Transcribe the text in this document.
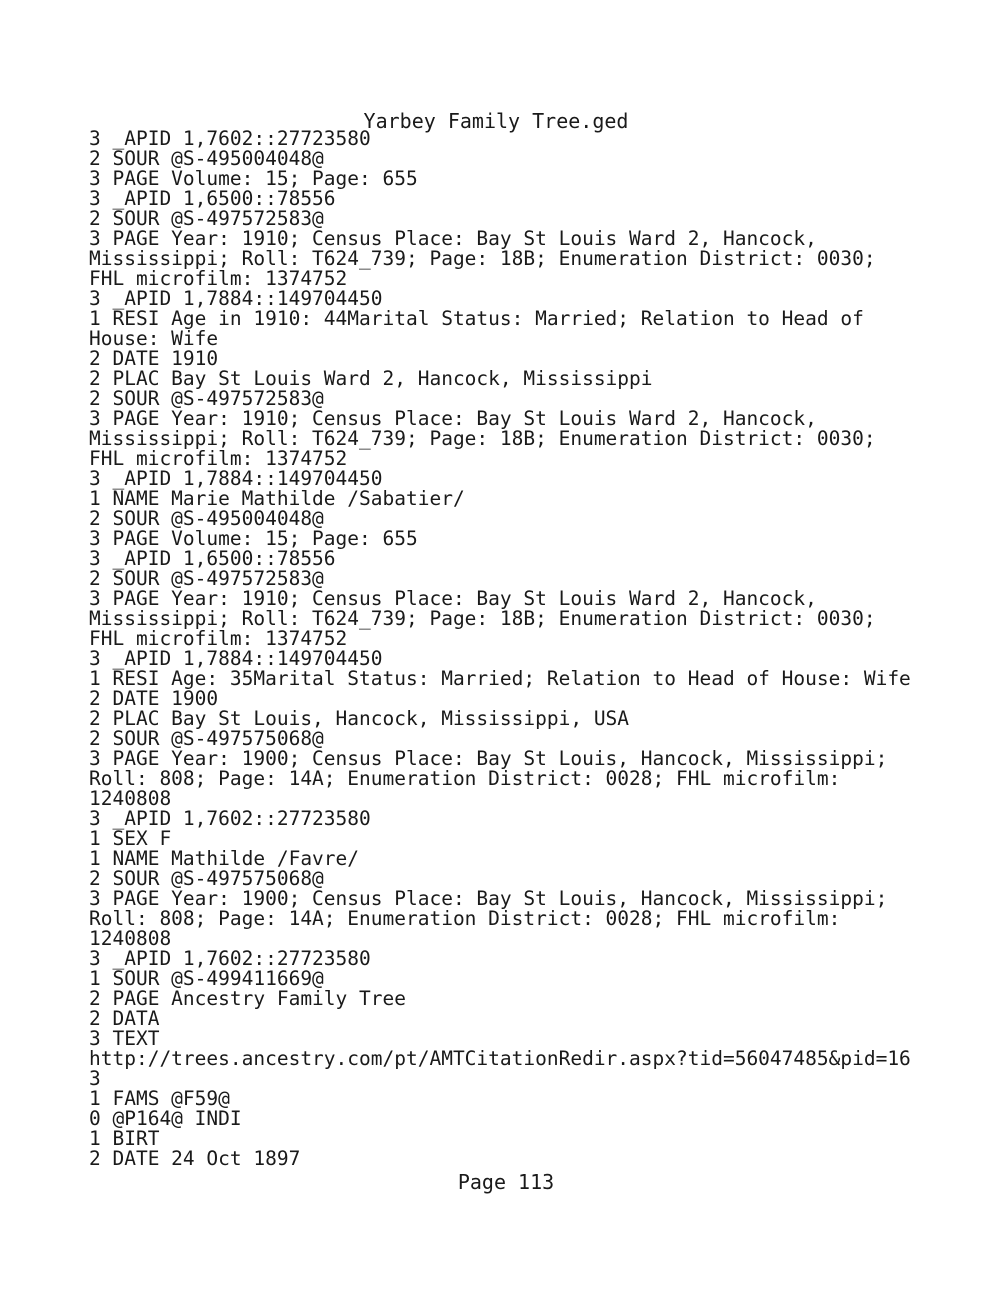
Yarbey Family Tree.ged
3 _APID 1,7602::27723580
2 SOUR @S-495004048@
3 PAGE Volume: 15; Page: 655
3 _APID 1,6500::78556
2 SOUR @S-497572583@
3 PAGE Year: 1910; Census Place: Bay St Louis Ward 2, Hancock,
Mississippi; Roll: T624_739; Page: 18B; Enumeration District: 0030;
FHL microfilm: 1374752
3 _APID 1,7884::149704450
1 RESI Age in 1910: 44Marital Status: Married; Relation to Head of
House: Wife
2 DATE 1910
2 PLAC Bay St Louis Ward 2, Hancock, Mississippi
2 SOUR @S-497572583@
3 PAGE Year: 1910; Census Place: Bay St Louis Ward 2, Hancock,
Mississippi; Roll: T624_739; Page: 18B; Enumeration District: 0030;
FHL microfilm: 1374752
3 _APID 1,7884::149704450
1 NAME Marie Mathilde /Sabatier/
2 SOUR @S-495004048@
3 PAGE Volume: 15; Page: 655
3 _APID 1,6500::78556
2 SOUR @S-497572583@
3 PAGE Year: 1910; Census Place: Bay St Louis Ward 2, Hancock,
Mississippi; Roll: T624_739; Page: 18B; Enumeration District: 0030;
FHL microfilm: 1374752
3 _APID 1,7884::149704450
1 RESI Age: 35Marital Status: Married; Relation to Head of House: Wife
2 DATE 1900
2 PLAC Bay St Louis, Hancock, Mississippi, USA
2 SOUR @S-497575068@
3 PAGE Year: 1900; Census Place: Bay St Louis, Hancock, Mississippi;
Roll: 808; Page: 14A; Enumeration District: 0028; FHL microfilm:
1240808
3 _APID 1,7602::27723580
1 SEX F
1 NAME Mathilde /Favre/
2 SOUR @S-497575068@
3 PAGE Year: 1900; Census Place: Bay St Louis, Hancock, Mississippi;
Roll: 808; Page: 14A; Enumeration District: 0028; FHL microfilm:
1240808
3 _APID 1,7602::27723580
1 SOUR @S-499411669@
2 PAGE Ancestry Family Tree
2 DATA
3 TEXT
http://trees.ancestry.com/pt/AMTCitationRedir.aspx?tid=56047485&pid=16
3
1 FAMS @F59@
0 @P164@ INDI
1 BIRT
2 DATE 24 Oct 1897
Page 113
